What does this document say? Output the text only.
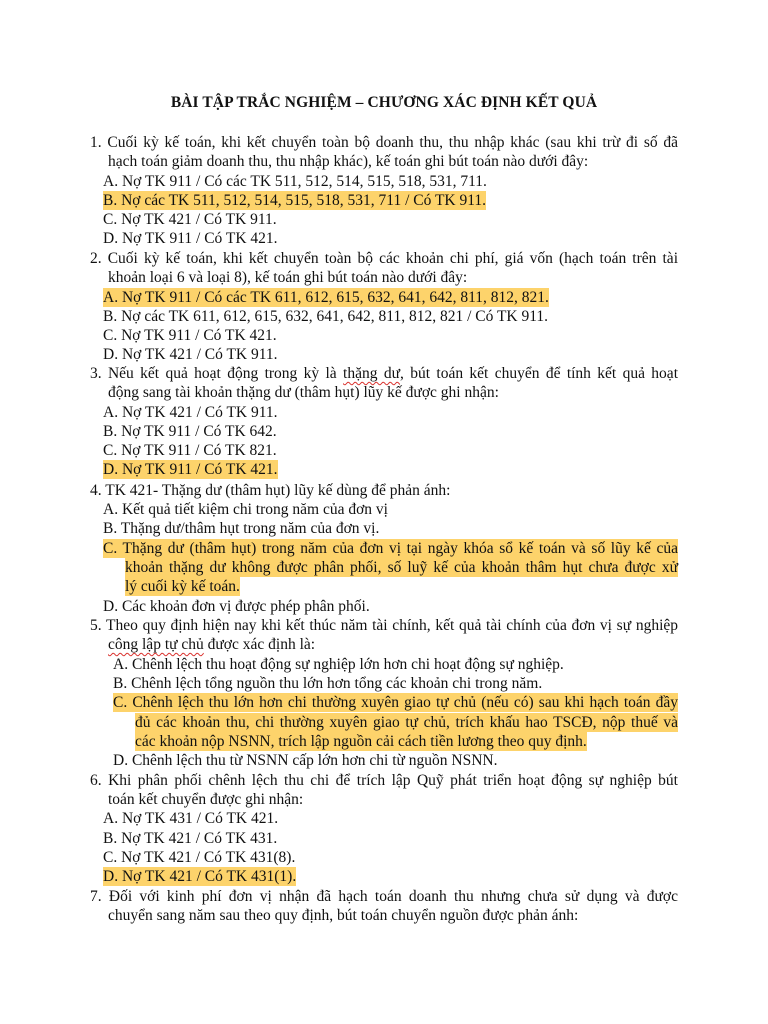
BÀI TẬP TRẮC NGHIỆM – CHƯƠNG XÁC ĐỊNH KẾT QUẢ
1. Cuối kỳ kế toán, khi kết chuyển toàn bộ doanh thu, thu nhập khác (sau khi trừ đi số đã
hạch toán giảm doanh thu, thu nhập khác), kế toán ghi bút toán nào dưới đây:
A. Nợ TK 911 / Có các TK 511, 512, 514, 515, 518, 531, 711.
B. Nợ các TK 511, 512, 514, 515, 518, 531, 711 / Có TK 911.
C. Nợ TK 421 / Có TK 911.
D. Nợ TK 911 / Có TK 421.
2. Cuối kỳ kế toán, khi kết chuyển toàn bộ các khoản chi phí, giá vốn (hạch toán trên tài
khoản loại 6 và loại 8), kế toán ghi bút toán nào dưới đây:
A. Nợ TK 911 / Có các TK 611, 612, 615, 632, 641, 642, 811, 812, 821.
B. Nợ các TK 611, 612, 615, 632, 641, 642, 811, 812, 821 / Có TK 911.
C. Nợ TK 911 / Có TK 421.
D. Nợ TK 421 / Có TK 911.
3. Nếu kết quả hoạt động trong kỳ là thặng dư, bút toán kết chuyển để tính kết quả hoạt
động sang tài khoản thặng dư (thâm hụt) lũy kế được ghi nhận:
A. Nợ TK 421 / Có TK 911.
B. Nợ TK 911 / Có TK 642.
C. Nợ TK 911 / Có TK 821.
D. Nợ TK 911 / Có TK 421.
4. TK 421- Thặng dư (thâm hụt) lũy kế dùng để phản ánh:
A. Kết quả tiết kiệm chi trong năm của đơn vị
B. Thặng dư/thâm hụt trong năm của đơn vị.
C. Thặng dư (thâm hụt) trong năm của đơn vị tại ngày khóa sổ kế toán và số lũy kế của
khoản thặng dư không được phân phối, số luỹ kế của khoản thâm hụt chưa được xử
lý cuối kỳ kế toán.
D. Các khoản đơn vị được phép phân phối.
5. Theo quy định hiện nay khi kết thúc năm tài chính, kết quả tài chính của đơn vị sự nghiệp
công lập tự chủ được xác định là:
A. Chênh lệch thu hoạt động sự nghiệp lớn hơn chi hoạt động sự nghiệp.
B. Chênh lệch tổng nguồn thu lớn hơn tổng các khoản chi trong năm.
C. Chênh lệch thu lớn hơn chi thường xuyên giao tự chủ (nếu có) sau khi hạch toán đầy
đủ các khoản thu, chi thường xuyên giao tự chủ, trích khấu hao TSCĐ, nộp thuế và
các khoản nộp NSNN, trích lập nguồn cải cách tiền lương theo quy định.
D. Chênh lệch thu từ NSNN cấp lớn hơn chi từ nguồn NSNN.
6. Khi phân phối chênh lệch thu chi để trích lập Quỹ phát triển hoạt động sự nghiệp bút
toán kết chuyển được ghi nhận:
A. Nợ TK 431 / Có TK 421.
B. Nợ TK 421 / Có TK 431.
C. Nợ TK 421 / Có TK 431(8).
D. Nợ TK 421 / Có TK 431(1).
7. Đối với kinh phí đơn vị nhận đã hạch toán doanh thu nhưng chưa sử dụng và được
chuyển sang năm sau theo quy định, bút toán chuyển nguồn được phản ánh:
